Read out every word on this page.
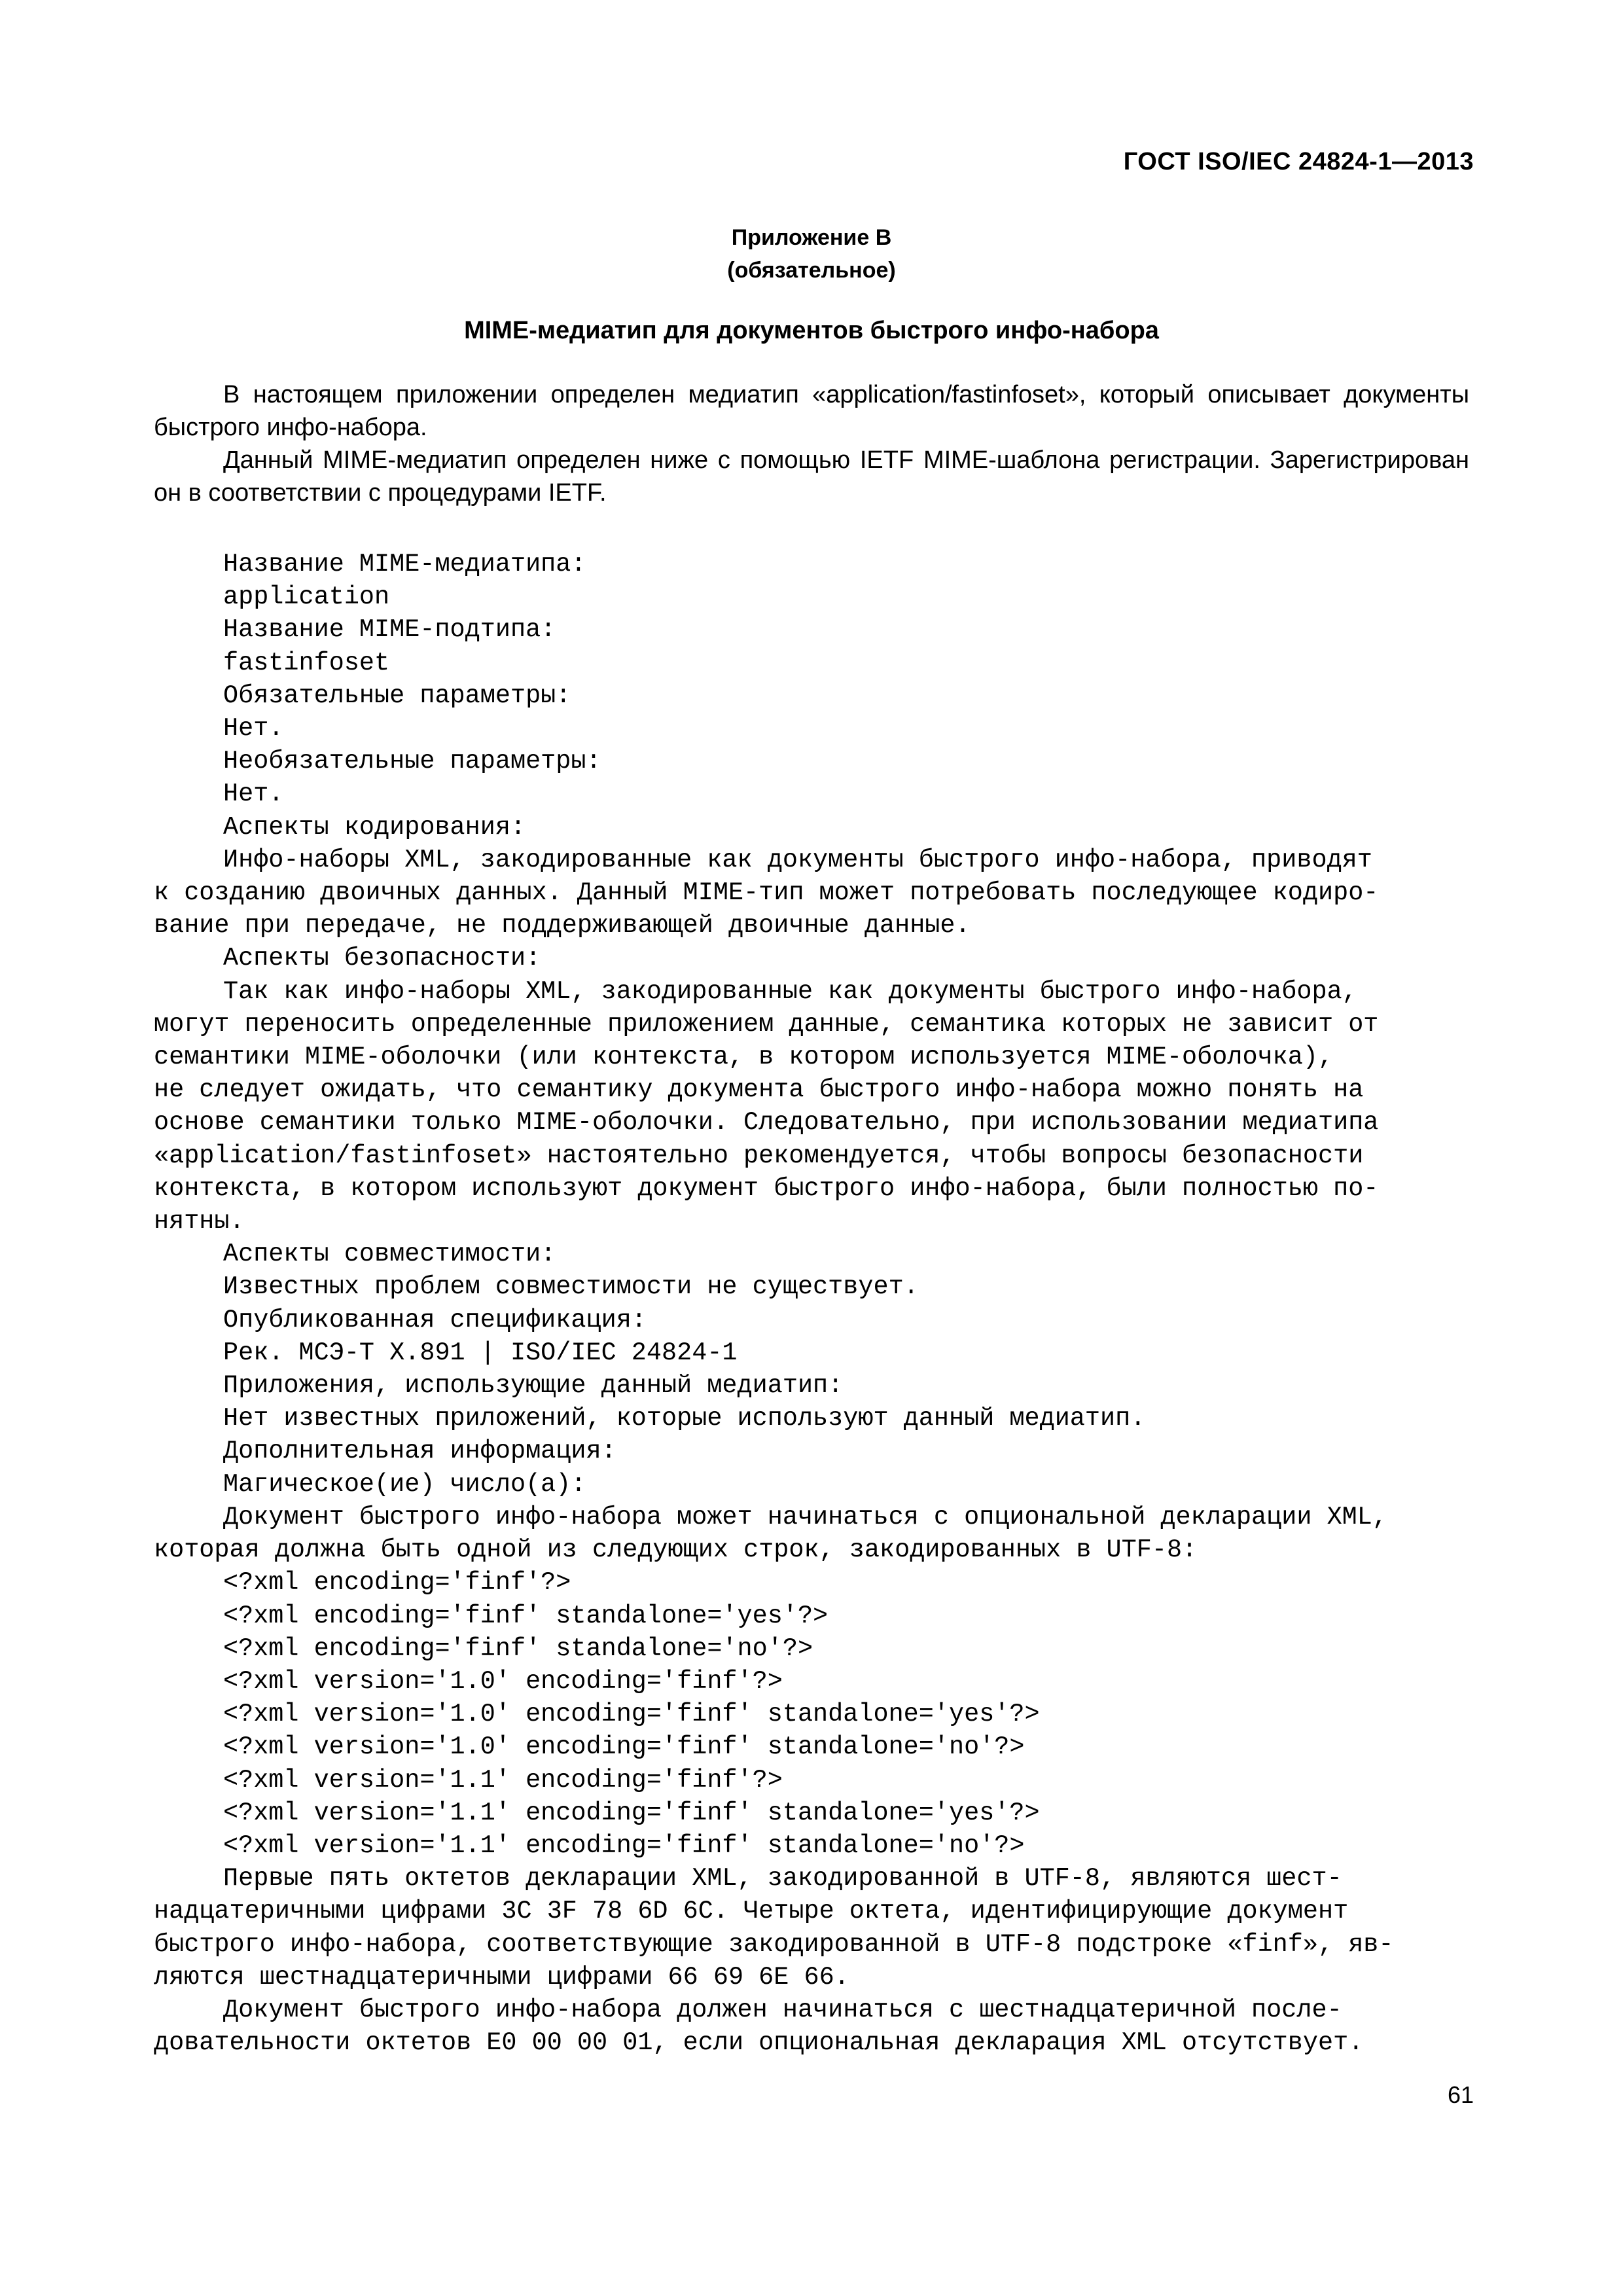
ГОСТ ISO/IEC 24824-1—2013
Приложение В
(обязательное)
MIME-медиатип для документов быстрого инфо-набора

В настоящем приложении определен медиатип «application/fastinfoset», который описывает документы быстрого инфо-набора.

Данный MIME-медиатип определен ниже с помощью IETF MIME-шаблона регистрации. Зарегистрирован он в соответствии с процедурами IETF.

Название MIME-медиатипа:

application

Название MIME-подтипа:

fastinfoset

Обязательные параметры:

Нет.

Необязательные параметры:

Нет.

Аспекты кодирования:

Инфо-наборы XML, закодированные как документы быстрого инфо-набора, приводят

к созданию двоичных данных. Данный MIME-тип может потребовать последующее кодиро-

вание при передаче, не поддерживающей двоичные данные.

Аспекты безопасности:

Так как инфо-наборы XML, закодированные как документы быстрого инфо-набора,

могут переносить определенные приложением данные, семантика которых не зависит от

семантики MIME-оболочки (или контекста, в котором используется MIME-оболочка),

не следует ожидать, что семантику документа быстрого инфо-набора можно понять на

основе семантики только MIME-оболочки. Следовательно, при использовании медиатипа

«application/fastinfoset» настоятельно рекомендуется, чтобы вопросы безопасности

контекста, в котором используют документ быстрого инфо-набора, были полностью по-

нятны.

Аспекты совместимости:

Известных проблем совместимости не существует.

Опубликованная спецификация:

Рек. МСЭ-Т Х.891 | ISO/IEC 24824-1

Приложения, использующие данный медиатип:

Нет известных приложений, которые используют данный медиатип.

Дополнительная информация:

Магическое(ие) число(а):

Документ быстрого инфо-набора может начинаться с опциональной декларации XML,

которая должна быть одной из следующих строк, закодированных в UTF-8:

<?xml encoding='finf'?>

<?xml encoding='finf' standalone='yes'?>

<?xml encoding='finf' standalone='no'?>

<?xml version='1.0' encoding='finf'?>

<?xml version='1.0' encoding='finf' standalone='yes'?>

<?xml version='1.0' encoding='finf' standalone='no'?>

<?xml version='1.1' encoding='finf'?>

<?xml version='1.1' encoding='finf' standalone='yes'?>

<?xml version='1.1' encoding='finf' standalone='no'?>

Первые пять октетов декларации XML, закодированной в UTF-8, являются шест-

надцатеричными цифрами 3C 3F 78 6D 6C. Четыре октета, идентифицирующие документ

быстрого инфо-набора, соответствующие закодированной в UTF-8 подстроке «finf», яв-

ляются шестнадцатеричными цифрами 66 69 6E 66.

Документ быстрого инфо-набора должен начинаться с шестнадцатеричной после-

довательности октетов E0 00 00 01, если опциональная декларация XML отсутствует.

61
